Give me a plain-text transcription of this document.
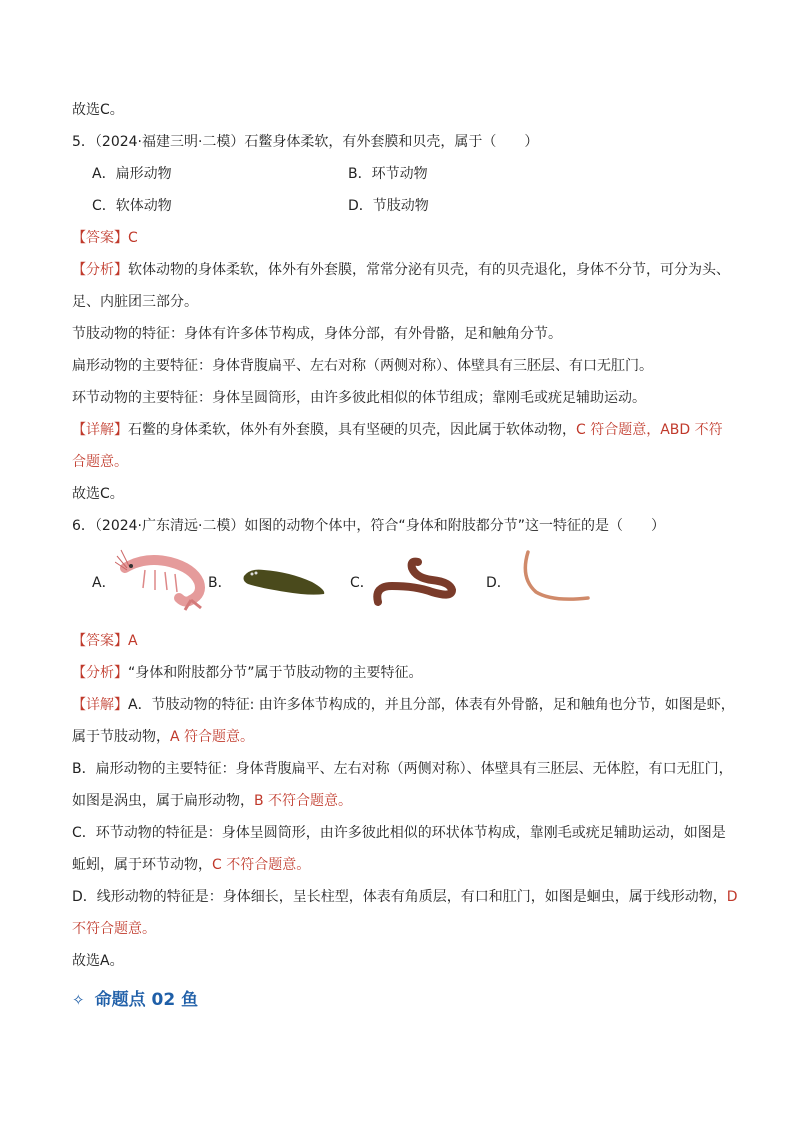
故选C。
5．（2024·福建三明·二模）石鳖身体柔软，有外套膜和贝壳，属于（　　）
A．扁形动物	B．环节动物
C．软体动物	D．节肢动物
【答案】C
【分析】软体动物的身体柔软，体外有外套膜，常常分泌有贝壳，有的贝壳退化，身体不分节，可分为头、
足、内脏团三部分。
节肢动物的特征：身体有许多体节构成，身体分部，有外骨骼，足和触角分节。
扁形动物的主要特征：身体背腹扁平、左右对称（两侧对称）、体壁具有三胚层、有口无肛门。
环节动物的主要特征：身体呈圆筒形，由许多彼此相似的体节组成；靠刚毛或疣足辅助运动。
【详解】石鳖的身体柔软，体外有外套膜，具有坚硬的贝壳，因此属于软体动物，C 符合题意，ABD 不符
合题意。
故选C。
6．（2024·广东清远·二模）如图的动物个体中，符合“身体和附肢都分节”这一特征的是（　　）
A．	B．	C．	D．
【答案】A
【分析】“身体和附肢都分节”属于节肢动物的主要特征。
【详解】A．节肢动物的特征: 由许多体节构成的，并且分部，体表有外骨骼，足和触角也分节，如图是虾，
属于节肢动物，A 符合题意。
B．扁形动物的主要特征：身体背腹扁平、左右对称（两侧对称）、体壁具有三胚层、无体腔，有口无肛门，
如图是涡虫，属于扁形动物，B 不符合题意。
C．环节动物的特征是：身体呈圆筒形，由许多彼此相似的环状体节构成，靠刚毛或疣足辅助运动，如图是
蚯蚓，属于环节动物，C 不符合题意。
D．线形动物的特征是：身体细长，呈长柱型，体表有角质层，有口和肛门，如图是蛔虫，属于线形动物，D
不符合题意。
故选A。
✧ 命题点 02 鱼
